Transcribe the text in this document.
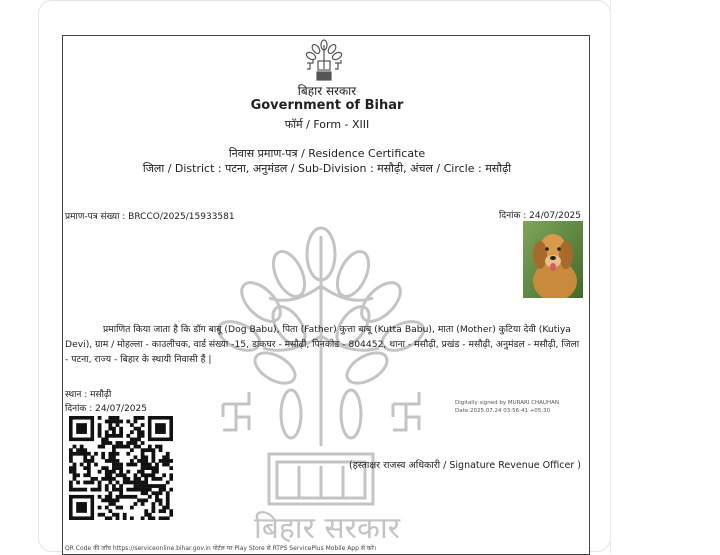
बिहार सरकार
बिहार सरकार
Government of Bihar
फॉर्म / Form - XIII
निवास प्रमाण-पत्र / Residence Certificate
जिला / District : पटना, अनुमंडल / Sub-Division : मसौढ़ी, अंचल / Circle : मसौढ़ी
प्रमाण-पत्र संख्या : BRCCO/2025/15933581	दिनांक : 24/07/2025
प्रमाणित किया जाता है कि डॉग बाबू (Dog Babu), पिता (Father) कुत्ता बाबू (Kutta Babu), माता (Mother) कुटिया देवी (Kutiya Devi), ग्राम / मोहल्ला - काउलीचक, वार्ड संख्या -15, डाकघर - मसौढ़ी, पिनकोड - 804452, थाना - मसौढ़ी, प्रखंड - मसौढ़ी, अनुमंडल - मसौढ़ी, जिला - पटना, राज्य - बिहार के स्थायी निवासी हैं |
स्थान : मसौढ़ी
दिनांक : 24/07/2025
Digitally signed by MURARI CHAUHAN
Date:2025.07.24 03:56:41 +05:30
(हस्ताक्षर राजस्व अधिकारी / Signature Revenue Officer )
QR Code की जाँच https://serviceonline.bihar.gov.in पोर्टल पर Play Store से RTPS ServicePlus Mobile App से करें।
